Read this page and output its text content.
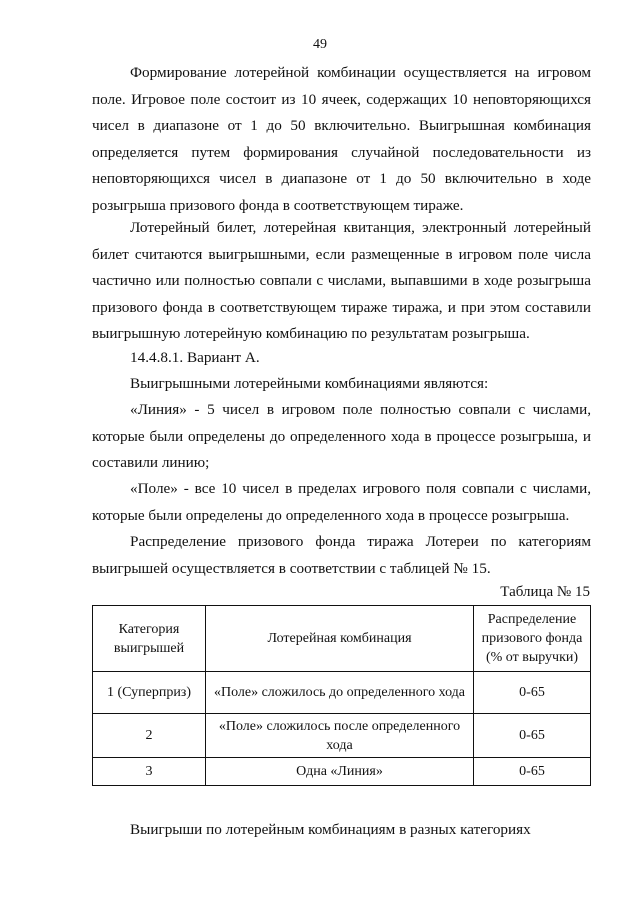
49

Формирование лотерейной комбинации осуществляется на игровом поле. Игровое поле состоит из 10 ячеек, содержащих 10 неповторяющихся чисел в диапазоне от 1 до 50 включительно. Выигрышная комбинация определяется путем формирования случайной последовательности из неповторяющихся чисел в диапазоне от 1 до 50 включительно в ходе розыгрыша призового фонда в соответствующем тираже.

Лотерейный билет, лотерейная квитанция, электронный лотерейный билет считаются выигрышными, если размещенные в игровом поле числа частично или полностью совпали с числами, выпавшими в ходе розыгрыша призового фонда в соответствующем тираже тиража, и при этом составили выигрышную лотерейную комбинацию по результатам розыгрыша.

14.4.8.1. Вариант А.

Выигрышными лотерейными комбинациями являются:

«Линия» - 5 чисел в игровом поле полностью совпали с числами, которые были определены до определенного хода в процессе розыгрыша, и составили линию;

«Поле» - все 10 чисел в пределах игрового поля совпали с числами, которые были определены до определенного хода в процессе розыгрыша.

Распределение призового фонда тиража Лотереи по категориям выигрышей осуществляется в соответствии с таблицей № 15.

Таблица № 15
Категория выигрышей	Лотерейная комбинация	Распределение призового фонда (% от выручки)
1 (Суперприз)	«Поле» сложилось до определенного хода	0-65
2	«Поле» сложилось после определенного хода	0-65
3	Одна «Линия»	0-65

Выигрыши по лотерейным комбинациям в разных категориях
